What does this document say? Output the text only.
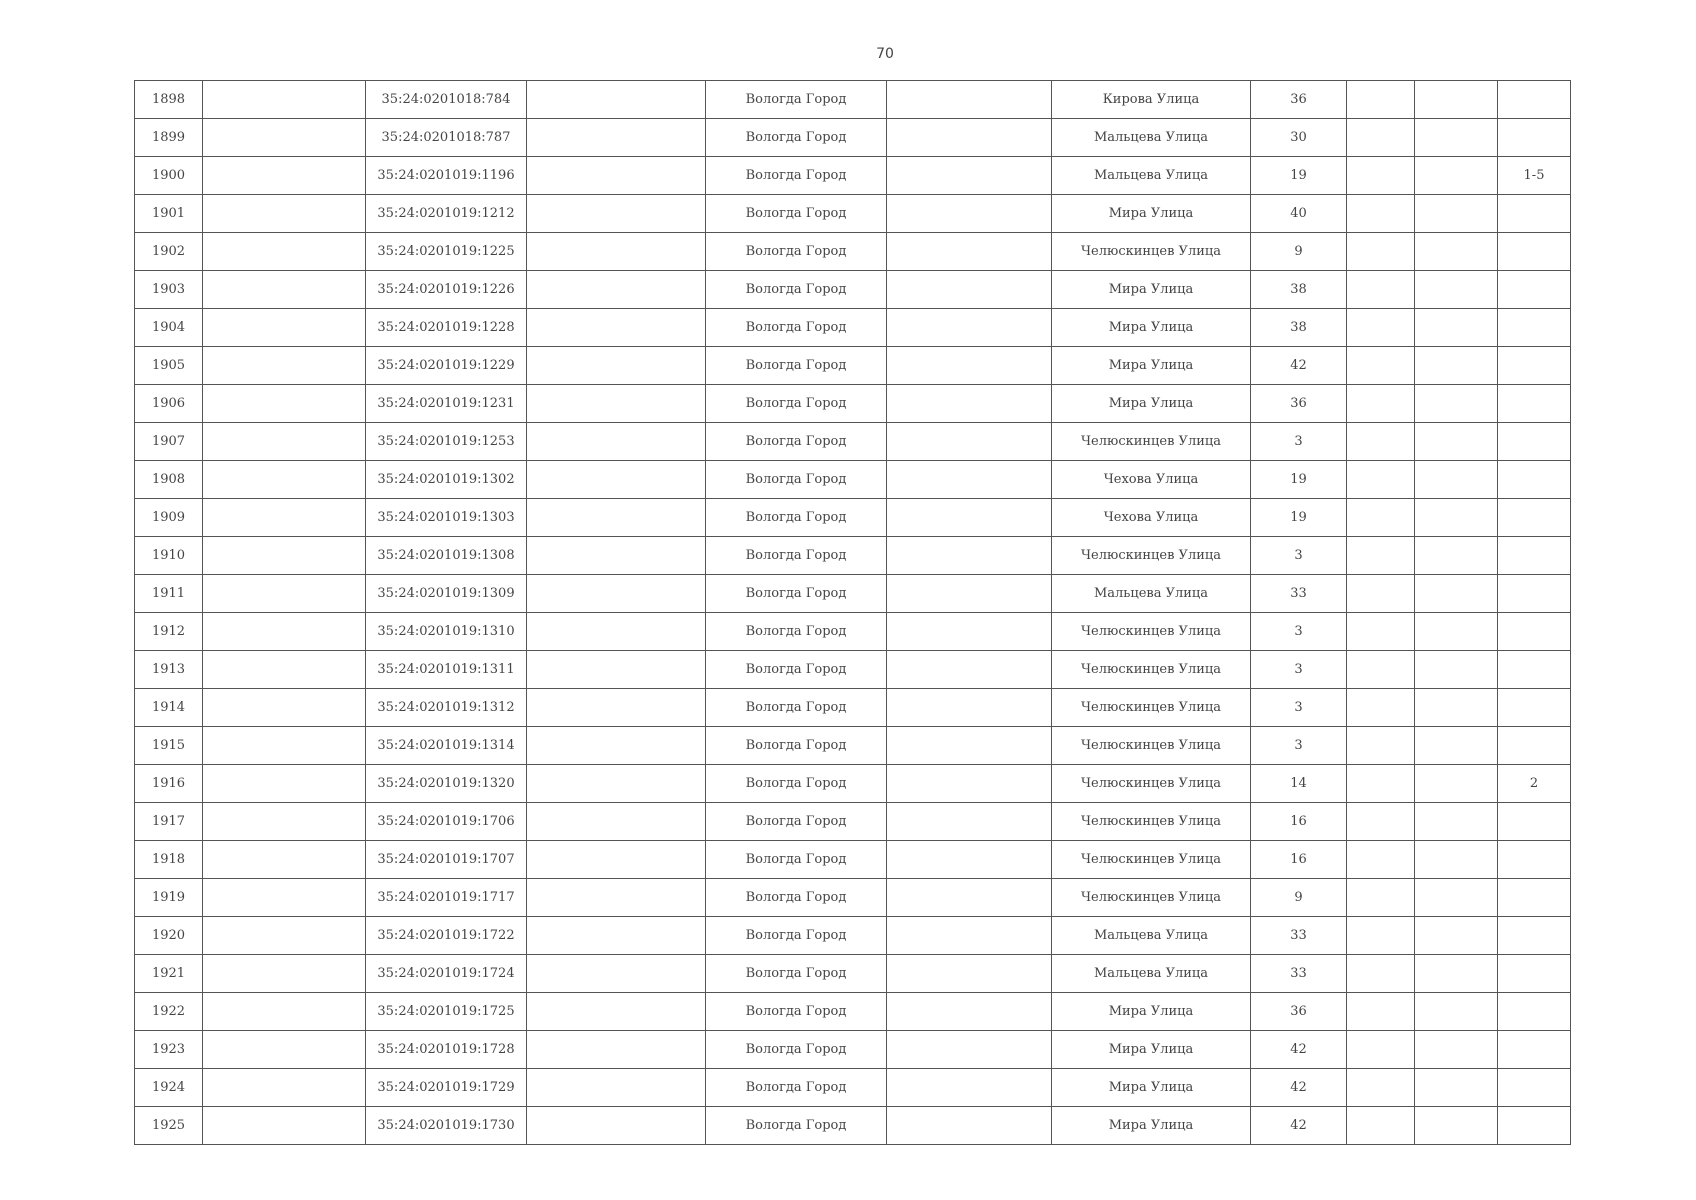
70
1898		35:24:0201018:784		Вологда Город		Кирова Улица	36			
1899		35:24:0201018:787		Вологда Город		Мальцева Улица	30			
1900		35:24:0201019:1196		Вологда Город		Мальцева Улица	19			1-5
1901		35:24:0201019:1212		Вологда Город		Мира Улица	40			
1902		35:24:0201019:1225		Вологда Город		Челюскинцев Улица	9			
1903		35:24:0201019:1226		Вологда Город		Мира Улица	38			
1904		35:24:0201019:1228		Вологда Город		Мира Улица	38			
1905		35:24:0201019:1229		Вологда Город		Мира Улица	42			
1906		35:24:0201019:1231		Вологда Город		Мира Улица	36			
1907		35:24:0201019:1253		Вологда Город		Челюскинцев Улица	3			
1908		35:24:0201019:1302		Вологда Город		Чехова Улица	19			
1909		35:24:0201019:1303		Вологда Город		Чехова Улица	19			
1910		35:24:0201019:1308		Вологда Город		Челюскинцев Улица	3			
1911		35:24:0201019:1309		Вологда Город		Мальцева Улица	33			
1912		35:24:0201019:1310		Вологда Город		Челюскинцев Улица	3			
1913		35:24:0201019:1311		Вологда Город		Челюскинцев Улица	3			
1914		35:24:0201019:1312		Вологда Город		Челюскинцев Улица	3			
1915		35:24:0201019:1314		Вологда Город		Челюскинцев Улица	3			
1916		35:24:0201019:1320		Вологда Город		Челюскинцев Улица	14			2
1917		35:24:0201019:1706		Вологда Город		Челюскинцев Улица	16			
1918		35:24:0201019:1707		Вологда Город		Челюскинцев Улица	16			
1919		35:24:0201019:1717		Вологда Город		Челюскинцев Улица	9			
1920		35:24:0201019:1722		Вологда Город		Мальцева Улица	33			
1921		35:24:0201019:1724		Вологда Город		Мальцева Улица	33			
1922		35:24:0201019:1725		Вологда Город		Мира Улица	36			
1923		35:24:0201019:1728		Вологда Город		Мира Улица	42			
1924		35:24:0201019:1729		Вологда Город		Мира Улица	42			
1925		35:24:0201019:1730		Вологда Город		Мира Улица	42			
